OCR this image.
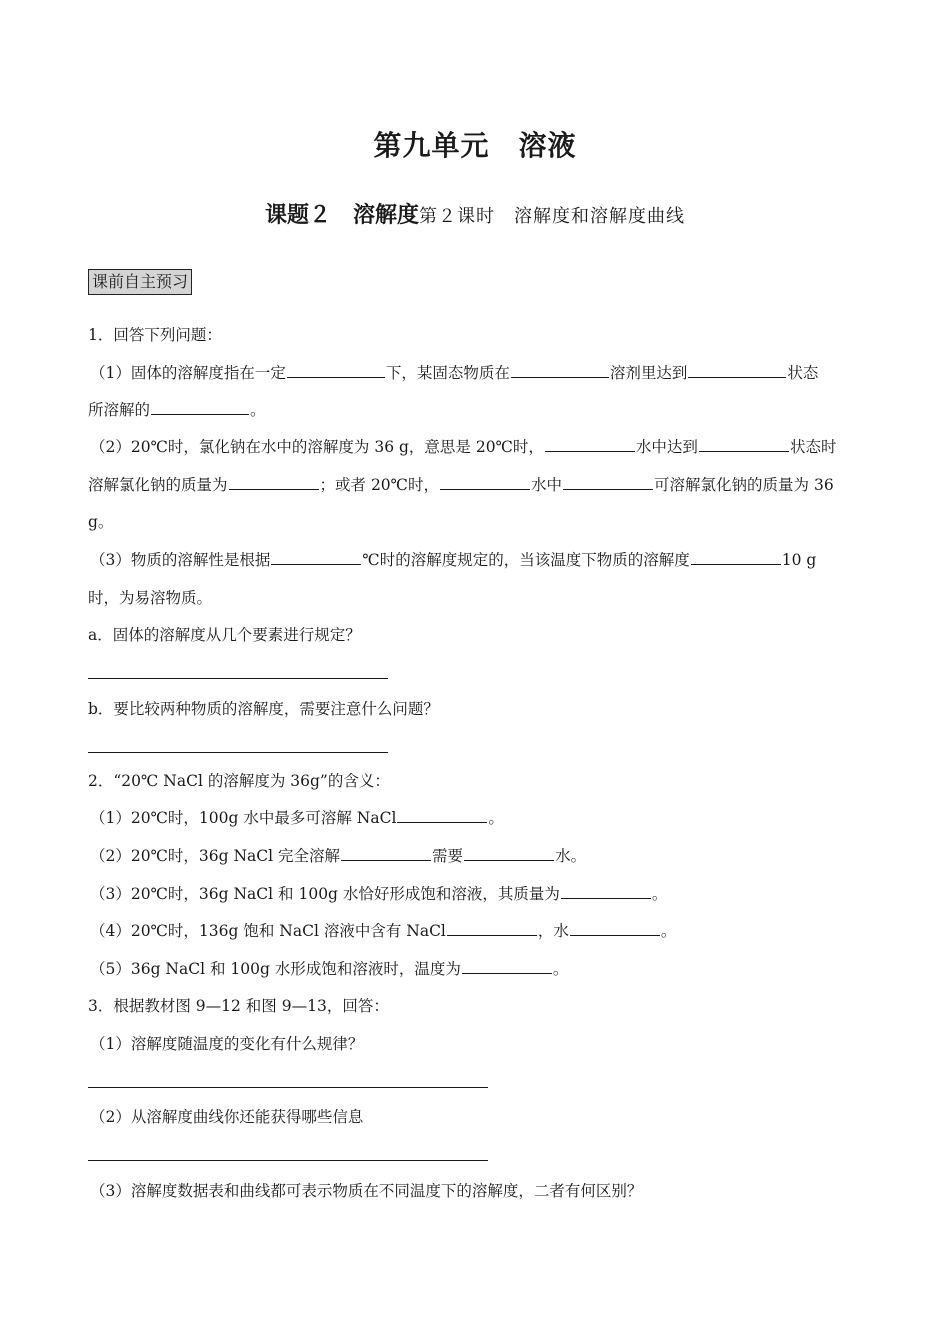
第九单元　溶液
课题２　溶解度第２课时　溶解度和溶解度曲线
课前自主预习
1．回答下列问题：
（1）固体的溶解度指在一定	下，某固态物质在	溶剂里达到	状态
所溶解的	。
（2）20℃时，氯化钠在水中的溶解度为 36 g，意思是 20℃时，	水中达到	状态时
溶解氯化钠的质量为	；或者 20℃时，	水中	可溶解氯化钠的质量为 36
g。
（3）物质的溶解性是根据	℃时的溶解度规定的，当该温度下物质的溶解度	10 g
时，为易溶物质。
a．固体的溶解度从几个要素进行规定？
b．要比较两种物质的溶解度，需要注意什么问题？
2．“20℃ NaCl 的溶解度为 36g”的含义：
（1）20℃时，100g 水中最多可溶解 NaCl	。
（2）20℃时，36g NaCl 完全溶解	需要	水。
（3）20℃时，36g NaCl 和 100g 水恰好形成饱和溶液，其质量为	。
（4）20℃时，136g 饱和 NaCl 溶液中含有 NaCl	，水	。
（5）36g NaCl 和 100g 水形成饱和溶液时，温度为	。
3．根据教材图 9—12 和图 9—13，回答：
（1）溶解度随温度的变化有什么规律？
（2）从溶解度曲线你还能获得哪些信息
（3）溶解度数据表和曲线都可表示物质在不同温度下的溶解度，二者有何区别？
